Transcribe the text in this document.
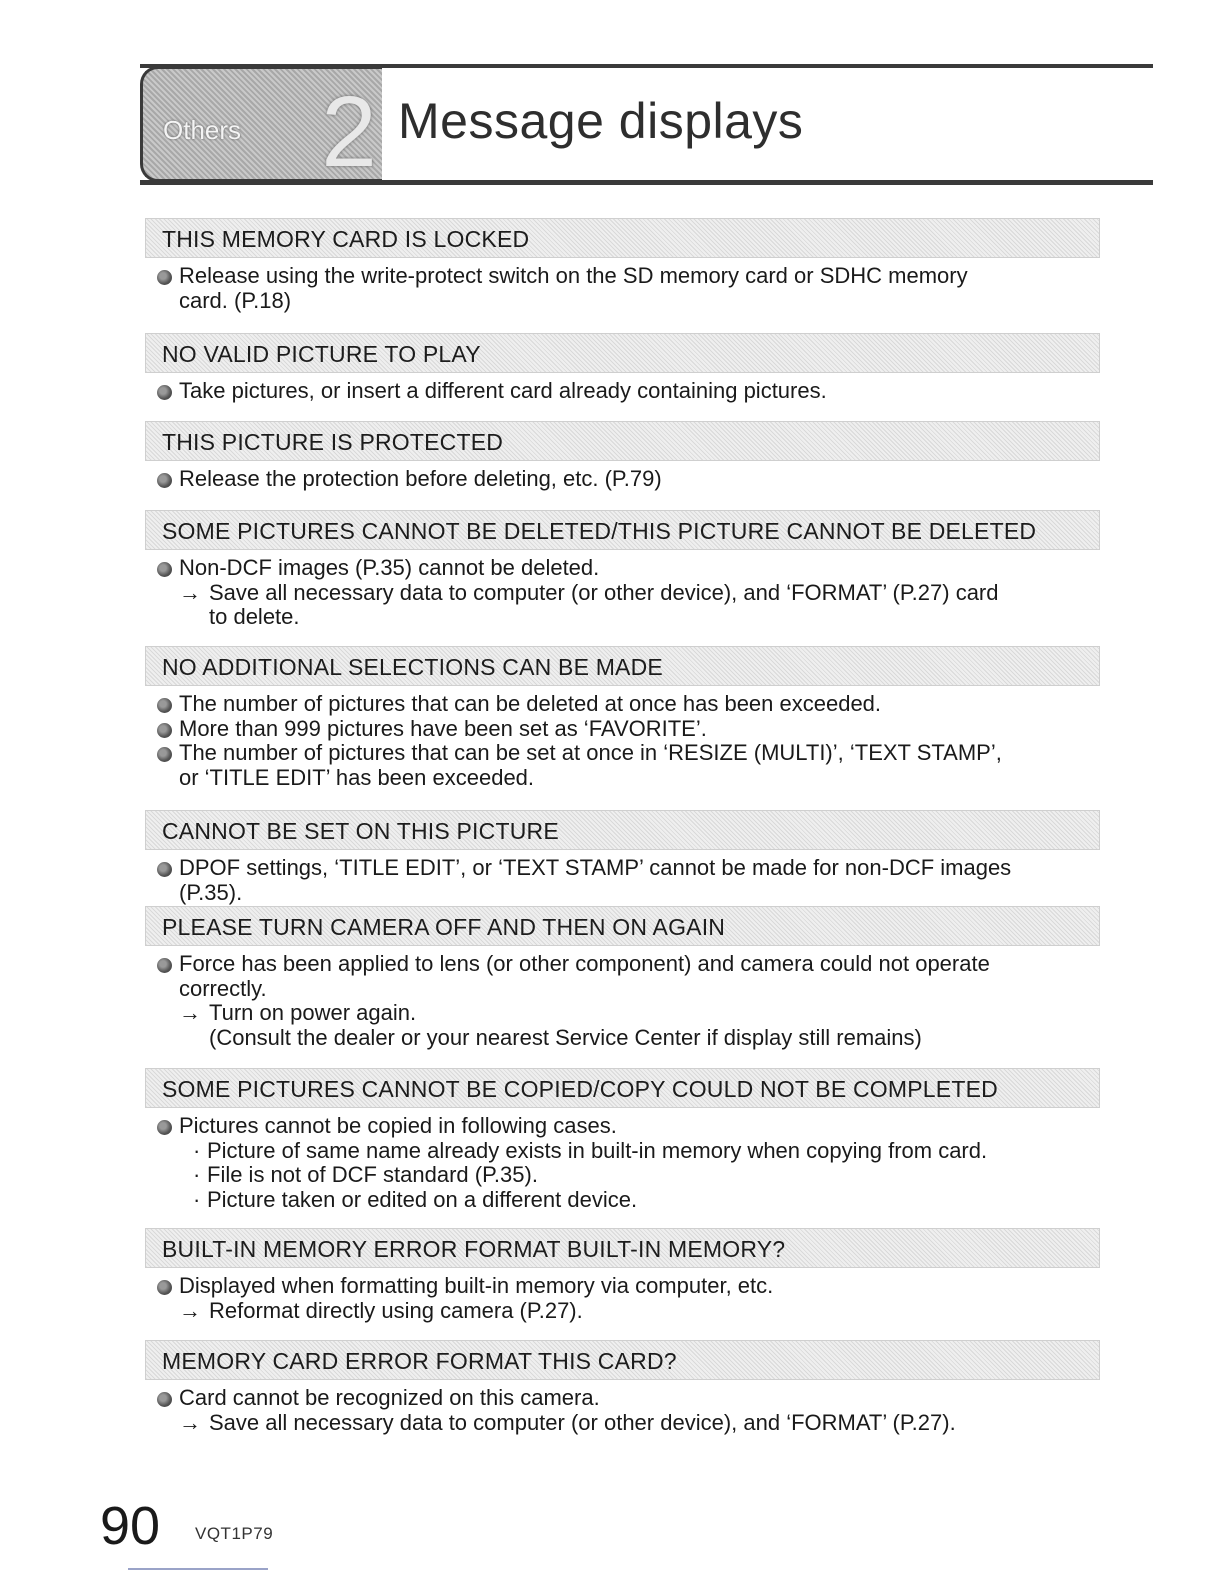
Others 2 Message displays
THIS MEMORY CARD IS LOCKED
Release using the write-protect switch on the SD memory card or SDHC memory
card. (P.18)
NO VALID PICTURE TO PLAY
Take pictures, or insert a different card already containing pictures.
THIS PICTURE IS PROTECTED
Release the protection before deleting, etc. (P.79)
SOME PICTURES CANNOT BE DELETED/THIS PICTURE CANNOT BE DELETED
Non-DCF images (P.35) cannot be deleted.
→ Save all necessary data to computer (or other device), and ‘FORMAT’ (P.27) card
to delete.
NO ADDITIONAL SELECTIONS CAN BE MADE
The number of pictures that can be deleted at once has been exceeded.
More than 999 pictures have been set as ‘FAVORITE’.
The number of pictures that can be set at once in ‘RESIZE (MULTI)’, ‘TEXT STAMP’,
or ‘TITLE EDIT’ has been exceeded.
CANNOT BE SET ON THIS PICTURE
DPOF settings, ‘TITLE EDIT’, or ‘TEXT STAMP’ cannot be made for non-DCF images
(P.35).
PLEASE TURN CAMERA OFF AND THEN ON AGAIN
Force has been applied to lens (or other component) and camera could not operate
correctly.
→ Turn on power again.
(Consult the dealer or your nearest Service Center if display still remains)
SOME PICTURES CANNOT BE COPIED/COPY COULD NOT BE COMPLETED
Pictures cannot be copied in following cases.
· Picture of same name already exists in built-in memory when copying from card.
· File is not of DCF standard (P.35).
· Picture taken or edited on a different device.
BUILT-IN MEMORY ERROR FORMAT BUILT-IN MEMORY?
Displayed when formatting built-in memory via computer, etc.
→ Reformat directly using camera (P.27).
MEMORY CARD ERROR FORMAT THIS CARD?
Card cannot be recognized on this camera.
→ Save all necessary data to computer (or other device), and ‘FORMAT’ (P.27).
90 VQT1P79
